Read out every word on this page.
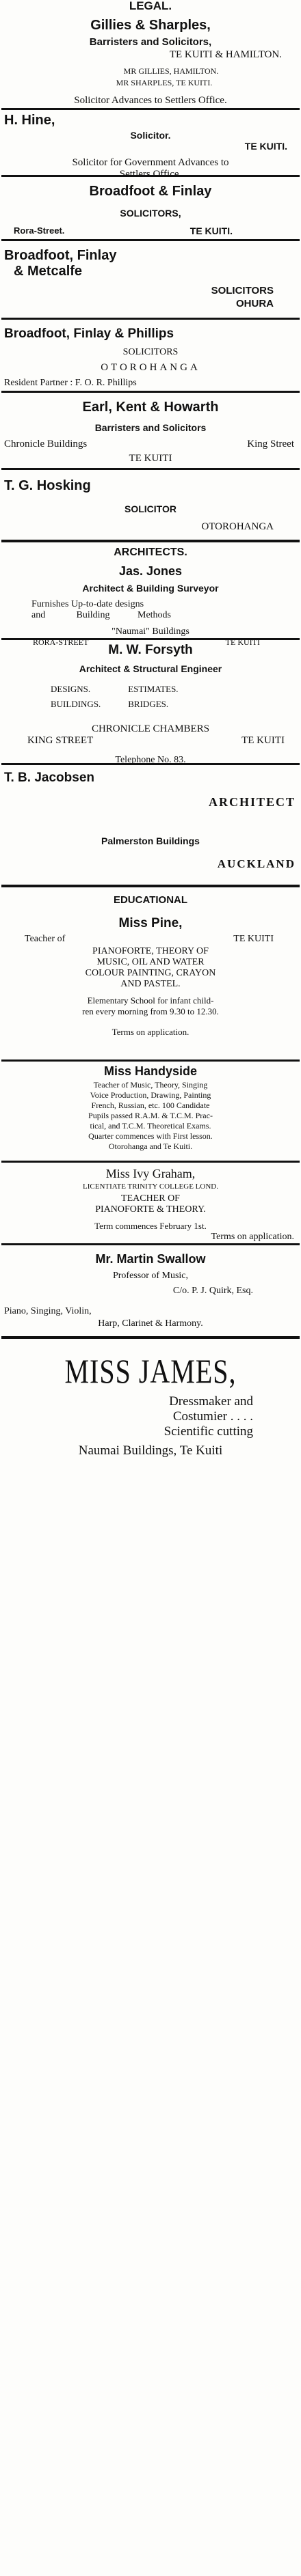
LEGAL.
Gillies & Sharples,
Barristers and Solicitors,
TE KUITI & HAMILTON.
MR GILLIES, HAMILTON.
MR SHARPLES, TE KUITI.
Solicitor Advances to Settlers Office.
H. Hine,
Solicitor.
TE KUITI.
Solicitor for Government Advances to
Settlers Office.
Broadfoot & Finlay
SOLICITORS,
Rora-Street.	TE KUITI.
Broadfoot, Finlay
& Metcalfe
SOLICITORS
OHURA
Broadfoot, Finlay & Phillips
SOLICITORS
OTOROHANGA
Resident Partner : F. O. R. Phillips
Earl, Kent & Howarth
Barristers and Solicitors
Chronicle Buildings	King Street
TE KUITI
T. G. Hosking
SOLICITOR
OTOROHANGA
ARCHITECTS.
Jas. Jones
Architect & Building Surveyor
Furnishes Up-to-date designs
and	Building	Methods
"Naumai" Buildings
RORA-STREET	TE KUITI
M. W. Forsyth
Architect & Structural Engineer
DESIGNS.	ESTIMATES.
BUILDINGS.	BRIDGES.
CHRONICLE CHAMBERS
KING STREET	TE KUITI
Telephone No. 83.
T. B. Jacobsen
ARCHITECT
Palmerston Buildings
AUCKLAND
EDUCATIONAL
Miss Pine,
Teacher of	TE KUITI
PIANOFORTE, THEORY OF
MUSIC, OIL AND WATER
COLOUR PAINTING, CRAYON
AND PASTEL.
Elementary School for infant child-
ren every morning from 9.30 to 12.30.
Terms on application.
Miss Handyside
Teacher of Music, Theory, Singing
Voice Production, Drawing, Painting
French, Russian, etc. 100 Candidate
Pupils passed R.A.M. & T.C.M. Prac-
tical, and T.C.M. Theoretical Exams.
Quarter commences with First lesson.
Otorohanga and Te Kuiti.
Miss Ivy Graham,
LICENTIATE TRINITY COLLEGE LOND.
TEACHER OF
PIANOFORTE & THEORY.
Term commences February 1st.
Terms on application.
Mr. Martin Swallow
Professor of Music,
C/o. P. J. Quirk, Esq.
Piano, Singing, Violin,
Harp, Clarinet & Harmony.
MISS JAMES,
Dressmaker and
Costumier . . . .
Scientific cutting
Naumai Buildings, Te Kuiti
